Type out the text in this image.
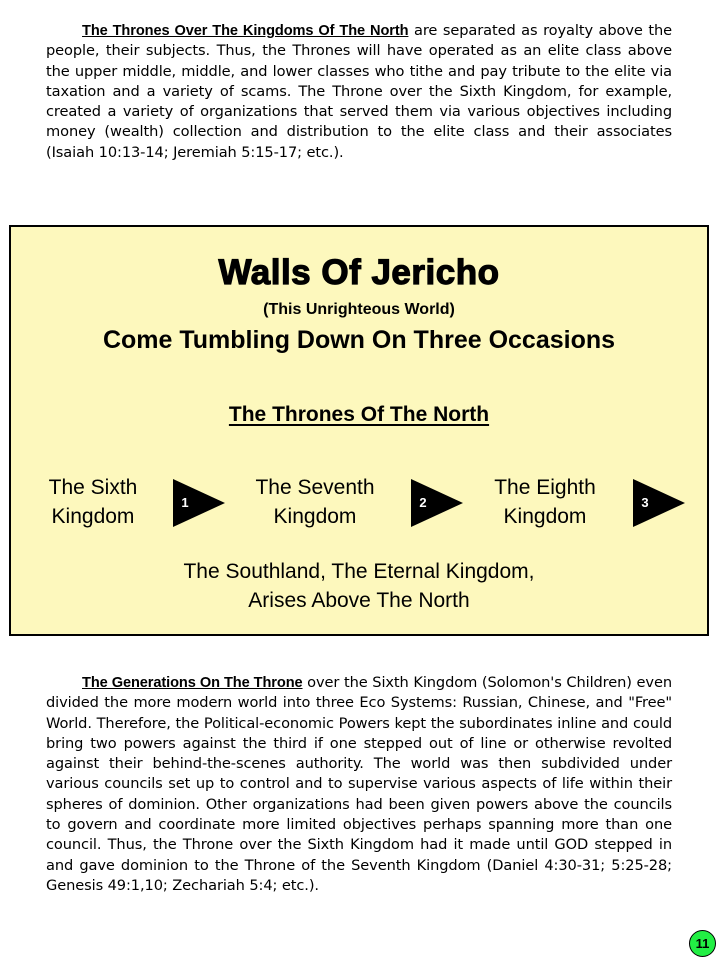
The Thrones Over The Kingdoms Of The North are separated as royalty above the people, their subjects. Thus, the Thrones will have operated as an elite class above the upper middle, middle, and lower classes who tithe and pay tribute to the elite via taxation and a variety of scams. The Throne over the Sixth Kingdom, for example, created a variety of organizations that served them via various objectives including money (wealth) collection and distribution to the elite class and their associates (Isaiah 10:13-14; Jeremiah 5:15-17; etc.).
Walls Of Jericho
(This Unrighteous World)
Come Tumbling Down On Three Occasions
The Thrones Of The North
The Sixth
Kingdom
1
The Seventh
Kingdom
2
The Eighth
Kingdom
3
The Southland, The Eternal Kingdom,
Arises Above The North
The Generations On The Throne over the Sixth Kingdom (Solomon's Children) even divided the more modern world into three Eco Systems: Russian, Chinese, and "Free" World. Therefore, the Political-economic Powers kept the subordinates inline and could bring two powers against the third if one stepped out of line or otherwise revolted against their behind-the-scenes authority. The world was then subdivided under various councils set up to control and to supervise various aspects of life within their spheres of dominion. Other organizations had been given powers above the councils to govern and coordinate more limited objectives perhaps spanning more than one council. Thus, the Throne over the Sixth Kingdom had it made until GOD stepped in and gave dominion to the Throne of the Seventh Kingdom (Daniel 4:30-31; 5:25-28; Genesis 49:1,10; Zechariah 5:4; etc.).
11
